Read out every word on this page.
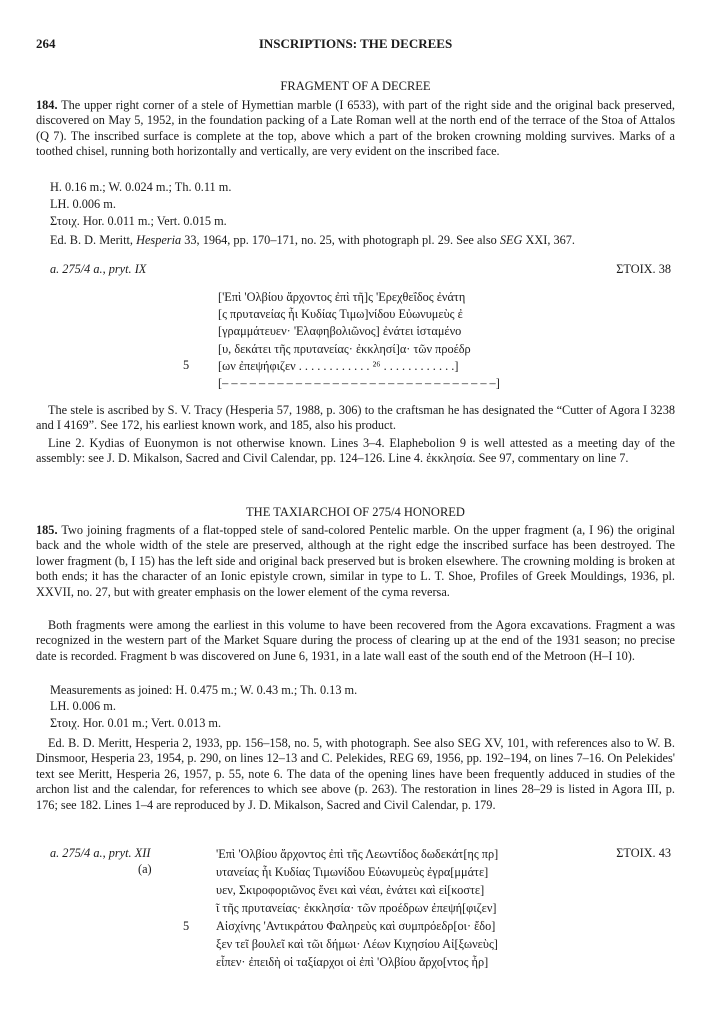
264	INSCRIPTIONS: THE DECREES
FRAGMENT OF A DECREE
184. The upper right corner of a stele of Hymettian marble (I 6533), with part of the right side and the original back preserved, discovered on May 5, 1952, in the foundation packing of a Late Roman well at the north end of the terrace of the Stoa of Attalos (Q 7). The inscribed surface is complete at the top, above which a part of the broken crowning molding survives. Marks of a toothed chisel, running both horizontally and vertically, are very evident on the inscribed face.
H. 0.16 m.; W. 0.024 m.; Th. 0.11 m.
LH. 0.006 m.
Στοιχ. Hor. 0.011 m.; Vert. 0.015 m.
Ed. B. D. Meritt, Hesperia 33, 1964, pp. 170–171, no. 25, with photograph pl. 29. See also SEG XXI, 367.
a. 275/4 a., pryt. IX	ΣΤΟΙΧ. 38
['Επὶ 'Ολβίου ἄρχοντος ἐπὶ τῆ]ς 'Ερεχθεΐδος ἐνάτη
[ς πρυτανείας ἧι Κυδίας Τιμω]νίδου Εὐωνυμεὺς ἐ
[γραμμάτευεν· 'Ελαφηβολιῶνος] ἐνάτει ἱσταμένο
[υ, δεκάτει τῆς πρυτανείας· ἐκκλησί]α· τῶν προέδρ
[ων ἐπεψήφιζεν . . . . . . . . . . . . ²⁶ . . . . . . . . . . . .]
[– – – – – – – – – – – – – – – – – – – – – – – – – – – – – –]
5
The stele is ascribed by S. V. Tracy (Hesperia 57, 1988, p. 306) to the craftsman he has designated the “Cutter of Agora I 3238 and I 4169”. See 172, his earliest known work, and 185, also his product.
Line 2. Kydias of Euonymon is not otherwise known. Lines 3–4. Elaphebolion 9 is well attested as a meeting day of the assembly: see J. D. Mikalson, Sacred and Civil Calendar, pp. 124–126. Line 4. ἐκκλησία. See 97, commentary on line 7.
THE TAXIARCHOI OF 275/4 HONORED
185. Two joining fragments of a flat-topped stele of sand-colored Pentelic marble. On the upper fragment (a, I 96) the original back and the whole width of the stele are preserved, although at the right edge the inscribed surface has been destroyed. The lower fragment (b, I 15) has the left side and original back preserved but is broken elsewhere. The crowning molding is broken at both ends; it has the character of an Ionic epistyle crown, similar in type to L. T. Shoe, Profiles of Greek Mouldings, 1936, pl. XXVII, no. 27, but with greater emphasis on the lower element of the cyma reversa.
Both fragments were among the earliest in this volume to have been recovered from the Agora excavations. Fragment a was recognized in the western part of the Market Square during the process of clearing up at the end of the 1931 season; no precise date is recorded. Fragment b was discovered on June 6, 1931, in a late wall east of the south end of the Metroon (H–I 10).
Measurements as joined: H. 0.475 m.; W. 0.43 m.; Th. 0.13 m.
LH. 0.006 m.
Στοιχ. Hor. 0.01 m.; Vert. 0.013 m.
Ed. B. D. Meritt, Hesperia 2, 1933, pp. 156–158, no. 5, with photograph. See also SEG XV, 101, with references also to W. B. Dinsmoor, Hesperia 23, 1954, p. 290, on lines 12–13 and C. Pelekides, REG 69, 1956, pp. 192–194, on lines 7–16. On Pelekides' text see Meritt, Hesperia 26, 1957, p. 55, note 6. The data of the opening lines have been frequently adduced in studies of the archon list and the calendar, for references to which see above (p. 263). The restoration in lines 28–29 is listed in Agora III, p. 176; see 182. Lines 1–4 are reproduced by J. D. Mikalson, Sacred and Civil Calendar, p. 179.
a. 275/4 a., pryt. XII
(a)
ΣΤΟΙΧ. 43
'Επὶ 'Ολβίου ἄρχοντος ἐπὶ τῆς Λεωντίδος δωδεκάτ[ης πρ]
υτανείας ἧι Κυδίας Τιμωνίδου Εὐωνυμεὺς ἐγρα[μμάτε]
υεν, Σκιροφοριῶνος ἕνει καὶ νέαι, ἐνάτει καὶ εἰ[κοστε]
ῖ τῆς πρυτανείας· ἐκκλησία· τῶν προέδρων ἐπεψή[φιζεν]
Αἰσχίνης 'Αντικράτου Φαληρεὺς καὶ συμπρόεδρ[οι· ἔδο]
ξεν τεῖ βουλεῖ καὶ τῶι δήμωι· Λέων Κιχησίου Αἰ[ξωνεὺς]
εἶπεν· ἐπειδὴ οἱ ταξίαρχοι οἱ ἐπὶ 'Ολβίου ἄρχο[ντος ἦρ]
5
